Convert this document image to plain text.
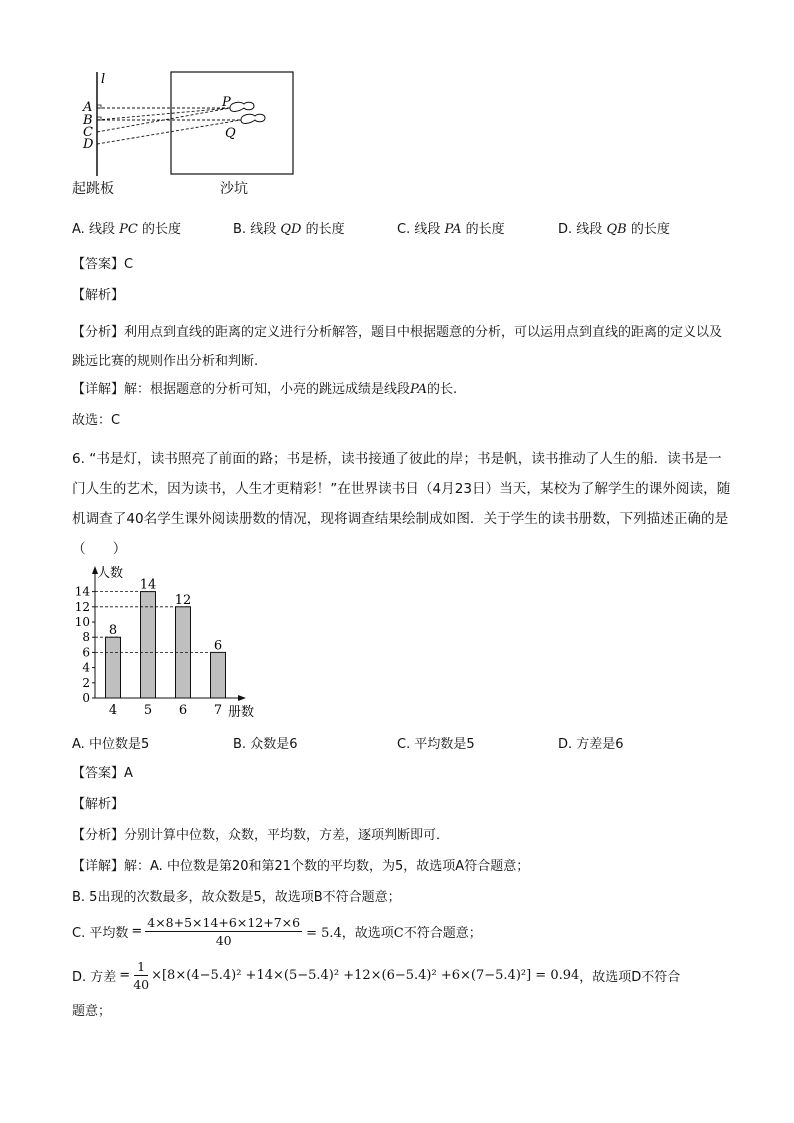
l
A
B
C
D
P
Q
起跳板	沙坑
A. 线段 PC 的长度	B. 线段 QD 的长度	C. 线段 PA 的长度	D. 线段 QB 的长度
【答案】C
【解析】
【分析】利用点到直线的距离的定义进行分析解答，题目中根据题意的分析，可以运用点到直线的距离的定义以及跳远比赛的规则作出分析和判断.
【详解】解：根据题意的分析可知，小亮的跳远成绩是线段PA的长.
故选：C
6. “书是灯，读书照亮了前面的路；书是桥，读书接通了彼此的岸；书是帆，读书推动了人生的船．读书是一门人生的艺术，因为读书，人生才更精彩！”在世界读书日（4月23日）当天，某校为了解学生的课外阅读，随机调查了40名学生课外阅读册数的情况，现将调查结果绘制成如图．关于学生的读书册数，下列描述正确的是（　　）
人数
册数
0
2
4
6
8
10
12
14
8
4
14
5
12
6
6
7
A. 中位数是5	B. 众数是6	C. 平均数是5	D. 方差是6
【答案】A
【解析】
【分析】分别计算中位数，众数，平均数，方差，逐项判断即可．
【详解】解：A. 中位数是第20和第21个数的平均数，为5，故选项A符合题意；
B. 5出现的次数最多，故众数是5，故选项B不符合题意；
C. 平均数 = $\frac{4\times 8+5\times 14+6\times 12+7\times 6}{40} = 5.4$，故选项C不符合题意；
D. 方差 = $\frac{1}{40} \times[8\times(4-5.4)^2 +14\times(5-5.4)^2 +12\times(6-5.4)^2 +6\times(7-5.4)^2] = 0.94$ ，故选项D不符合
题意；
